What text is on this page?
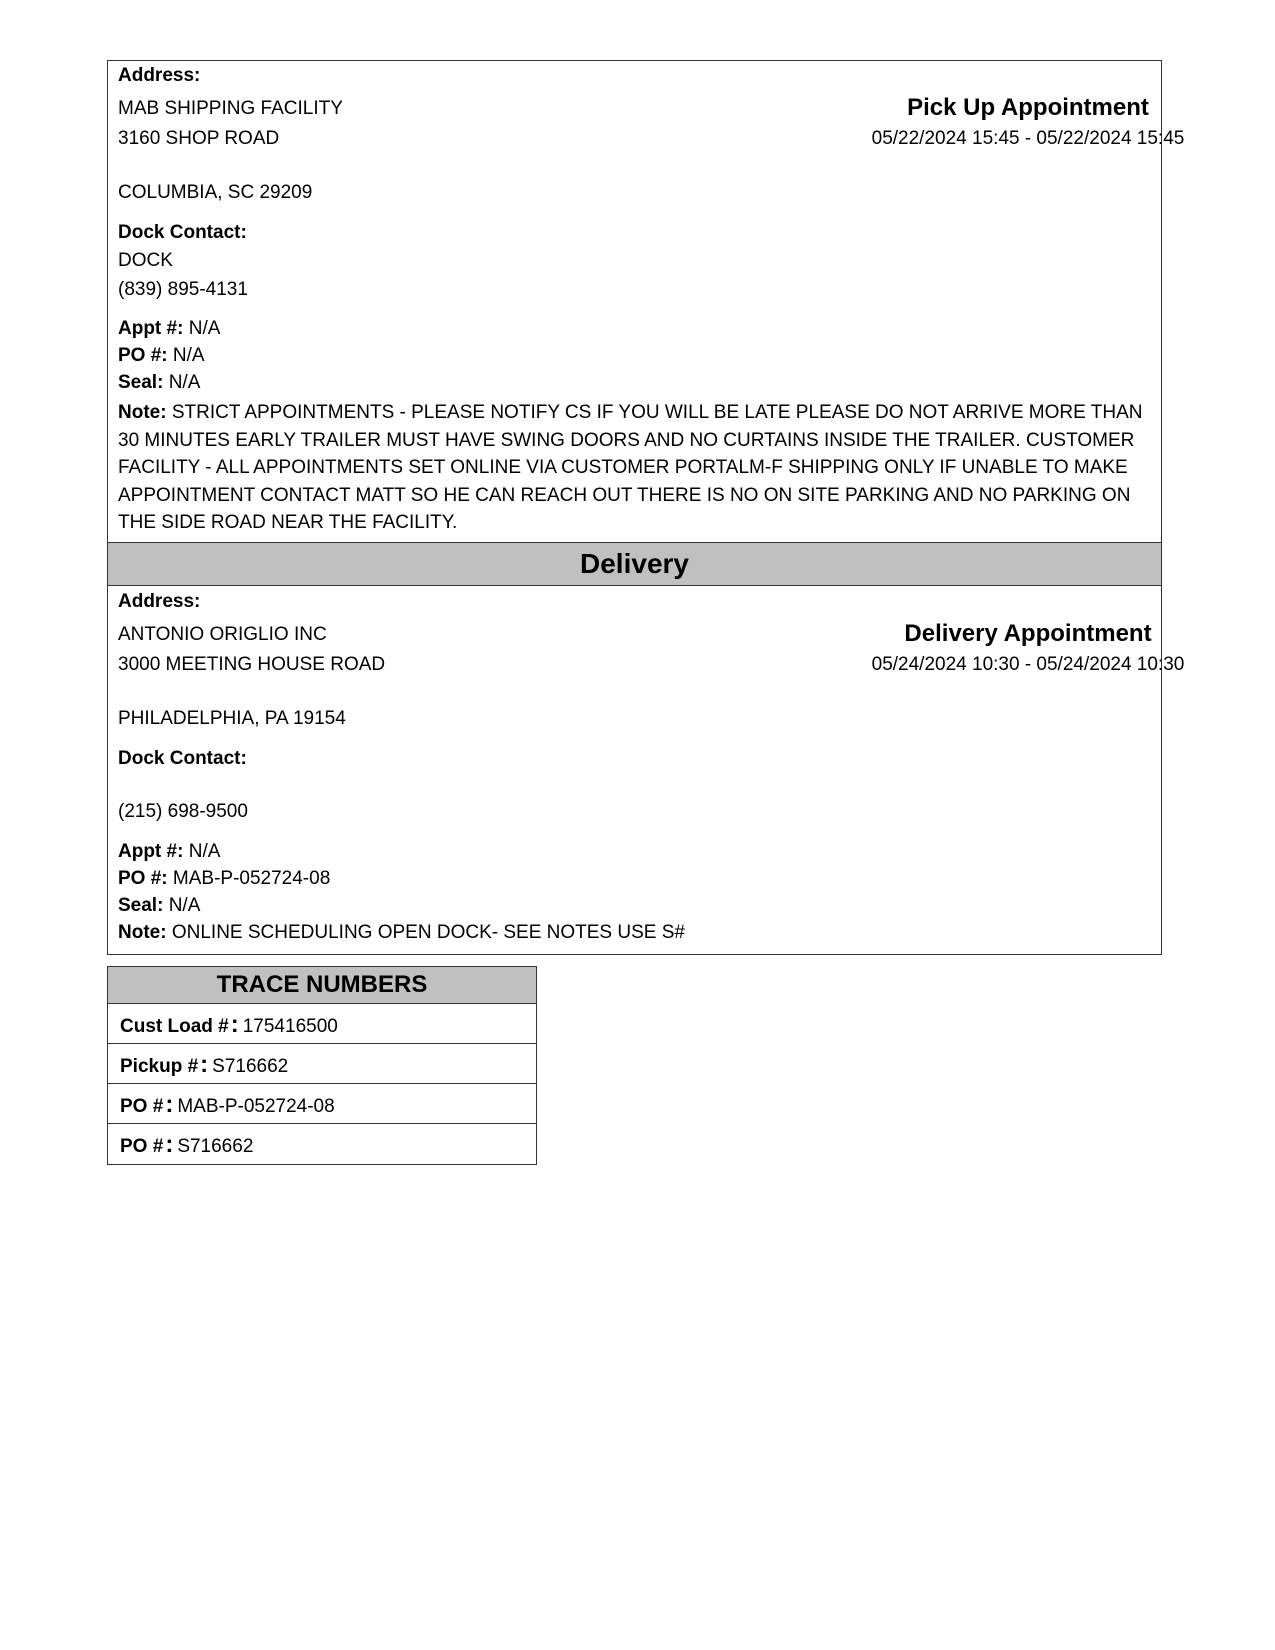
Address:
MAB SHIPPING FACILITY
3160 SHOP ROAD
COLUMBIA, SC 29209
Pick Up Appointment
05/22/2024 15:45 - 05/22/2024 15:45
Dock Contact:
DOCK
(839) 895-4131
Appt #: N/A
PO #: N/A
Seal: N/A
Note: STRICT APPOINTMENTS - PLEASE NOTIFY CS IF YOU WILL BE LATE PLEASE DO NOT ARRIVE MORE THAN 30 MINUTES EARLY TRAILER MUST HAVE SWING DOORS AND NO CURTAINS INSIDE THE TRAILER. CUSTOMER FACILITY - ALL APPOINTMENTS SET ONLINE VIA CUSTOMER PORTALM-F SHIPPING ONLY IF UNABLE TO MAKE APPOINTMENT CONTACT MATT SO HE CAN REACH OUT THERE IS NO ON SITE PARKING AND NO PARKING ON THE SIDE ROAD NEAR THE FACILITY.
Delivery
Address:
ANTONIO ORIGLIO INC
3000 MEETING HOUSE ROAD
PHILADELPHIA, PA 19154
Delivery Appointment
05/24/2024 10:30 - 05/24/2024 10:30
Dock Contact:
(215) 698-9500
Appt #: N/A
PO #: MAB-P-052724-08
Seal: N/A
Note: ONLINE SCHEDULING OPEN DOCK- SEE NOTES USE S#
TRACE NUMBERS
Cust Load #: 175416500
Pickup #: S716662
PO #: MAB-P-052724-08
PO #: S716662
